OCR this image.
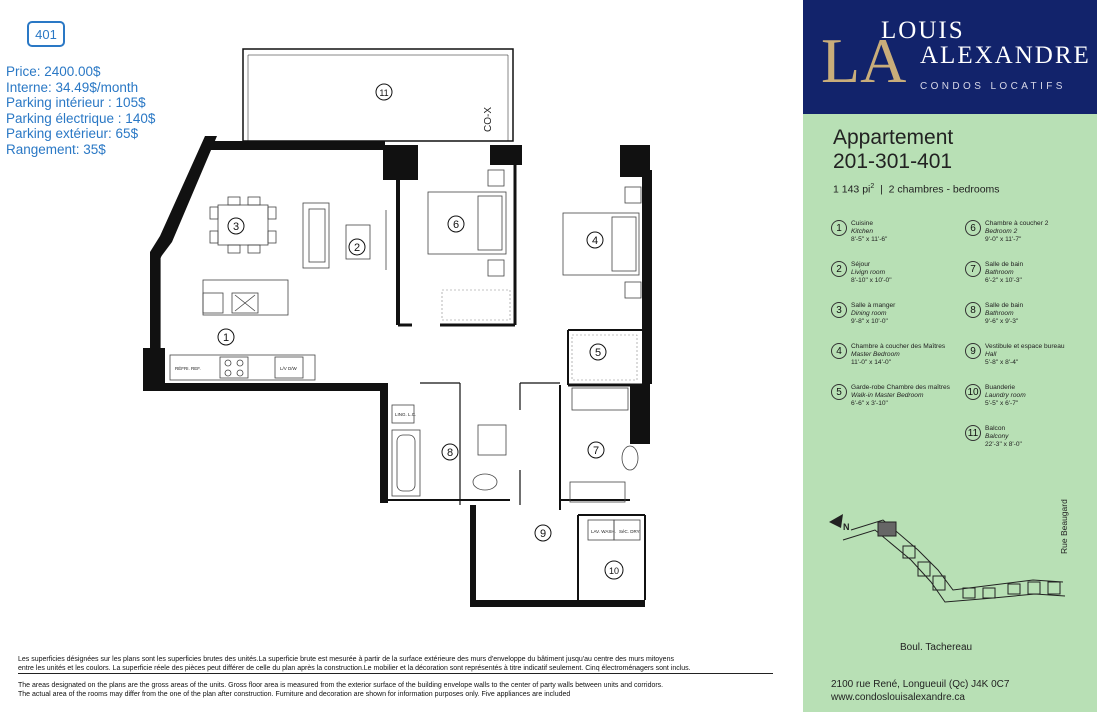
401
Price: 2400.00$
Interne: 34.49$/month
Parking intérieur : 105$
Parking électrique : 140$
Parking extérieur: 65$
Rangement: 35$
11
3
2
6
4
1
5
8	7
9
10
CO-X
LAV. WASH. SéC. DRY.
LING. L.C.
RÉFRI. REF.	L/V D/W

Les superficies désignées sur les plans sont les superficies brutes des unités.La superficie brute est mesurée à partir de la surface extérieure des murs d'enveloppe du bâtiment jusqu'au centre des murs mitoyens

entre les unités et les coulors. La superficie réele des pièces peut différer de celle du plan après la construction.Le mobilier et la décoration sont représentés à titre indicatif seulement. Cinq électroménagers sont inclus.

The areas designated on the plans are the gross areas of the units. Gross floor area is measured from the exterior surface of the building envelope walls to the center of party walls between units and corridors.

The actual area of the rooms may differ from the one of the plan after construction. Furniture and decoration are shown for information purposes only. Five appliances are included

LA
LOUIS
ALEXANDRE
CONDOS LOCATIFS
Appartement
201-301-401
1 143 $pi^2$  |  2 chambres - bedrooms
1	Cuisine
Kitchen
8'-5" x 11'-6"
2	Séjour
Livign room
8'-10" x 10'-0"
3	Salle à manger
Dining room
9'-8" x 10'-0"
4	Chambre à coucher des Maîtres
Master Bedroom
11'-0" x 14'-0"
5	Garde-robe Chambre des maîtres
Walk-in Master Bedroom
6'-6" x 3'-10"
6	Chambre à coucher 2
Bedroom 2
9'-0" x 11'-7"
7	Salle de bain
Bathroom
6'-2" x 10'-3"
8	Salle de bain
Bathroom
9'-6" x 9'-3"
9	Vestibule et espace bureau
Hall
5'-8" x 8'-4"
10 Buanderie
Laundry room
5'-5" x 6'-7"
11	Balcon
Balcony
22'-3" x 8'-0"
N	Rue Beaugard
Boul. Tachereau
2100 rue René, Longueuil (Qc) J4K 0C7
www.condoslouisalexandre.ca
